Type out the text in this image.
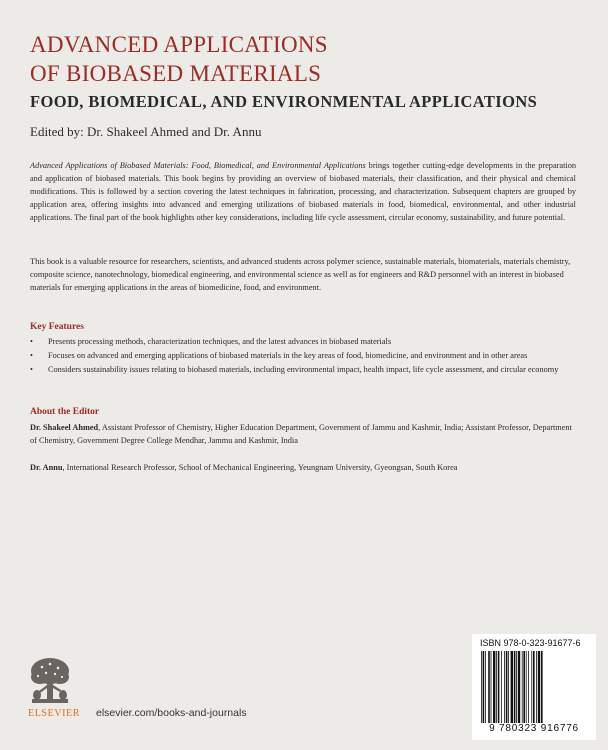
ADVANCED APPLICATIONS
OF BIOBASED MATERIALS
FOOD, BIOMEDICAL, AND ENVIRONMENTAL APPLICATIONS

Edited by: Dr. Shakeel Ahmed and Dr. Annu

Advanced Applications of Biobased Materials: Food, Biomedical, and Environmental Applications brings together cutting-edge developments in the preparation and application of biobased materials. This book begins by providing an overview of biobased materials, their classification, and their physical and chemical modifications. This is followed by a section covering the latest techniques in fabrication, processing, and characterization. Subsequent chapters are grouped by application area, offering insights into advanced and emerging utilizations of biobased materials in food, biomedical, environmental, and other industrial applications. The final part of the book highlights other key considerations, including life cycle assessment, circular economy, sustainability, and future potential.

This book is a valuable resource for researchers, scientists, and advanced students across polymer science, sustainable materials, biomaterials, materials chemistry, composite science, nanotechnology, biomedical engineering, and environmental science as well as for engineers and R&D personnel with an interest in biobased materials for emerging applications in the areas of biomedicine, food, and environment.

Key Features
• Presents processing methods, characterization techniques, and the latest advances in biobased materials
• Focuses on advanced and emerging applications of biobased materials in the key areas of food, biomedicine, and environment and in other areas
• Considers sustainability issues relating to biobased materials, including environmental impact, health impact, life cycle assessment, and circular economy
About the Editor

Dr. Shakeel Ahmed, Assistant Professor of Chemistry, Higher Education Department, Government of Jammu and Kashmir, India; Assistant Professor, Department of Chemistry, Government Degree College Mendhar, Jammu and Kashmir, India

Dr. Annu, International Research Professor, School of Mechanical Engineering, Yeungnam University, Gyeongsan, South Korea

ISBN 978-0-323-91677-6
9 780323 916776
ELSEVIER elsevier.com/books-and-journals
